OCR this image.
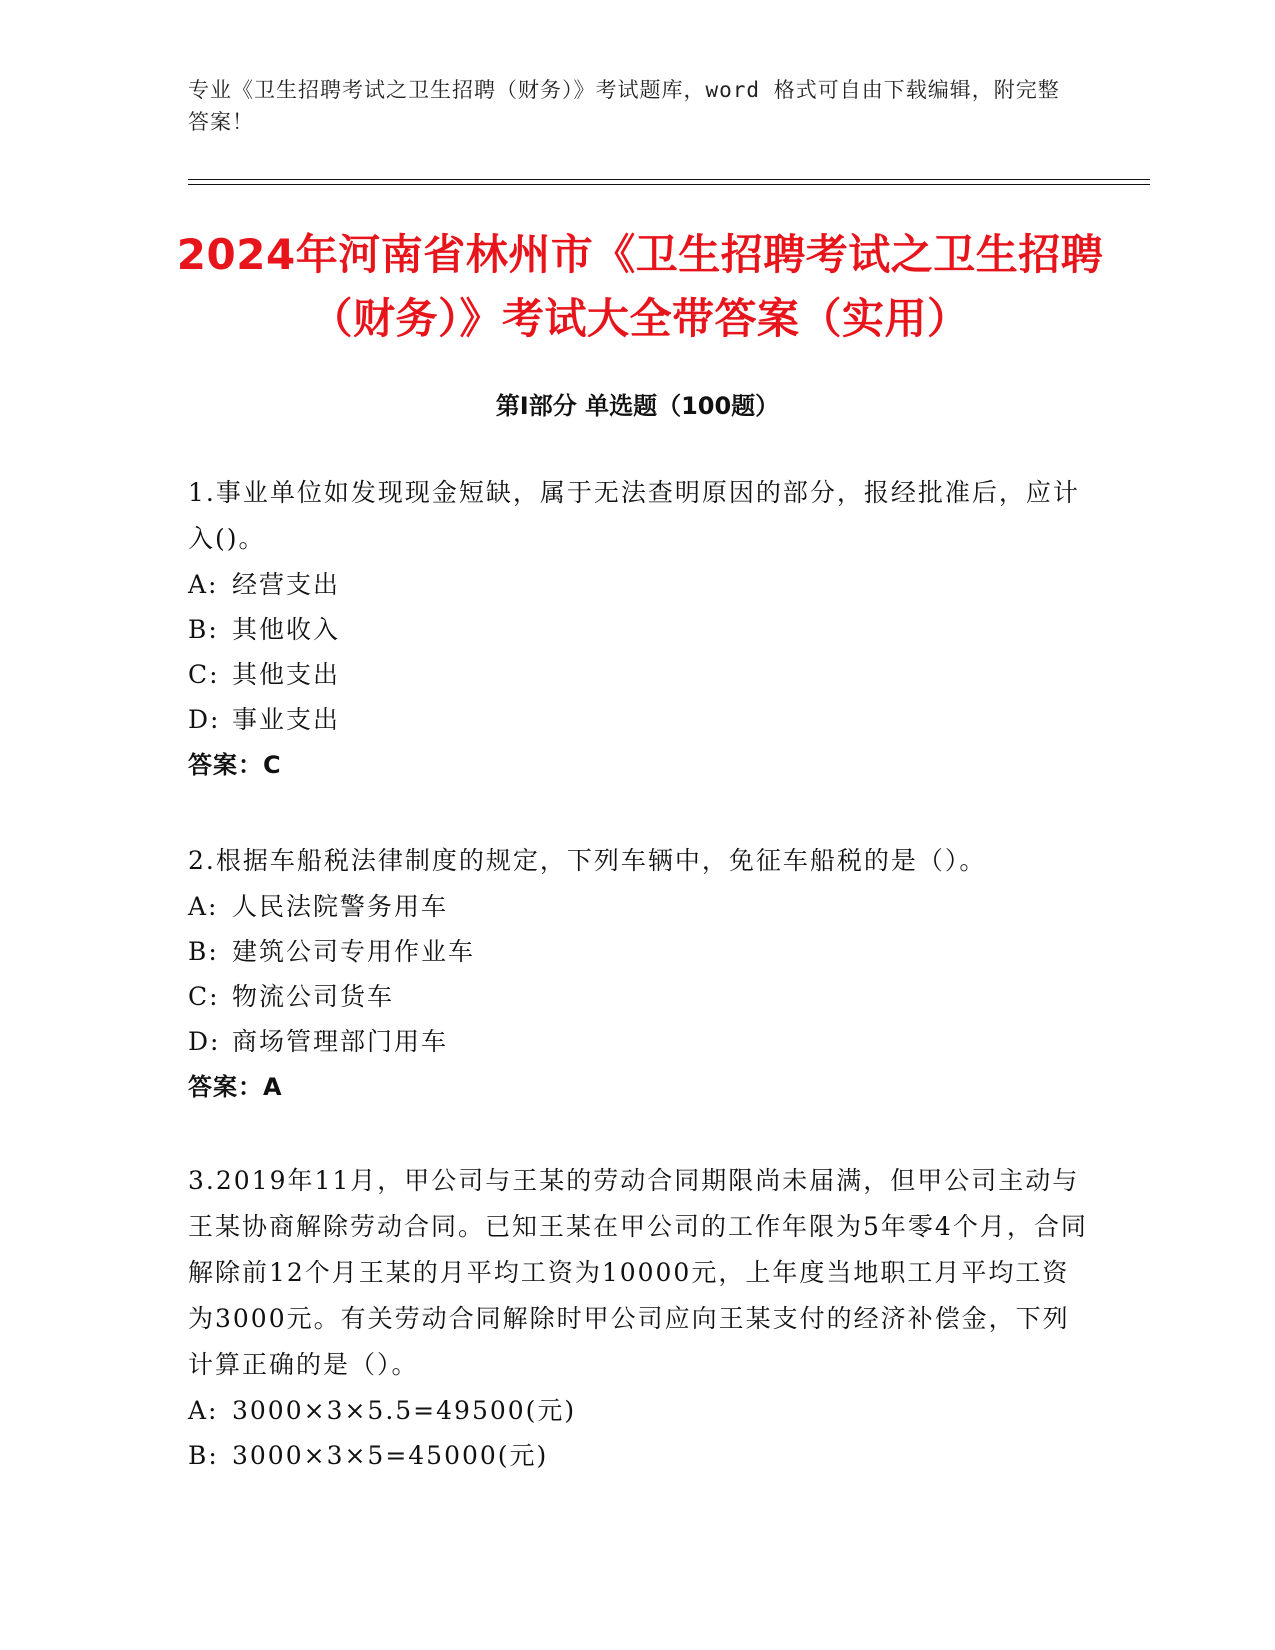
专业《卫生招聘考试之卫生招聘（财务）》考试题库，word 格式可自由下载编辑，附完整答案！
2024年河南省林州市《卫生招聘考试之卫生招聘（财务）》考试大全带答案（实用）
第Ⅰ部分 单选题（100题）
1.事业单位如发现现金短缺，属于无法查明原因的部分，报经批准后，应计入()。
A: 经营支出
B: 其他收入
C: 其他支出
D: 事业支出
答案：C
2.根据车船税法律制度的规定，下列车辆中，免征车船税的是（）。
A: 人民法院警务用车
B: 建筑公司专用作业车
C: 物流公司货车
D: 商场管理部门用车
答案：A
3.2019年11月，甲公司与王某的劳动合同期限尚未届满，但甲公司主动与王某协商解除劳动合同。已知王某在甲公司的工作年限为5年零4个月，合同解除前12个月王某的月平均工资为10000元，上年度当地职工月平均工资为3000元。有关劳动合同解除时甲公司应向王某支付的经济补偿金，下列计算正确的是（）。
A: 3000×3×5.5=49500(元)
B: 3000×3×5=45000(元)
